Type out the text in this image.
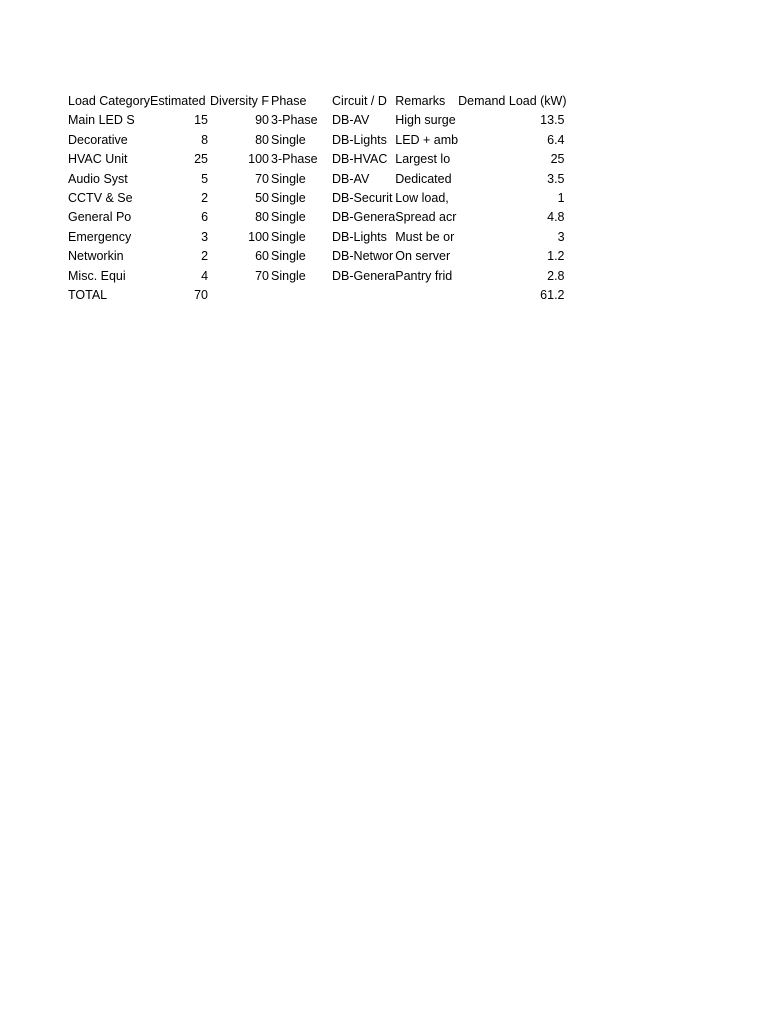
Load Category	Estimated	Diversity F	Phase	Circuit / D	Remarks	Demand Load (kW)
Main LED S	15	90	3-Phase	DB-AV	High surge	13.5
Decorative	8	80	Single	DB-Lights	LED + amb	6.4
HVAC Unit	25	100	3-Phase	DB-HVAC	Largest lo	25
Audio Syst	5	70	Single	DB-AV	Dedicated	3.5
CCTV & Se	2	50	Single	DB-Securit	Low load,	1
General Po	6	80	Single	DB-Genera	Spread acr	4.8
Emergency	3	100	Single	DB-Lights	Must be or	3
Networkin	2	60	Single	DB-Networ	On server	1.2
Misc. Equi	4	70	Single	DB-Genera	Pantry frid	2.8
TOTAL	70					61.2
